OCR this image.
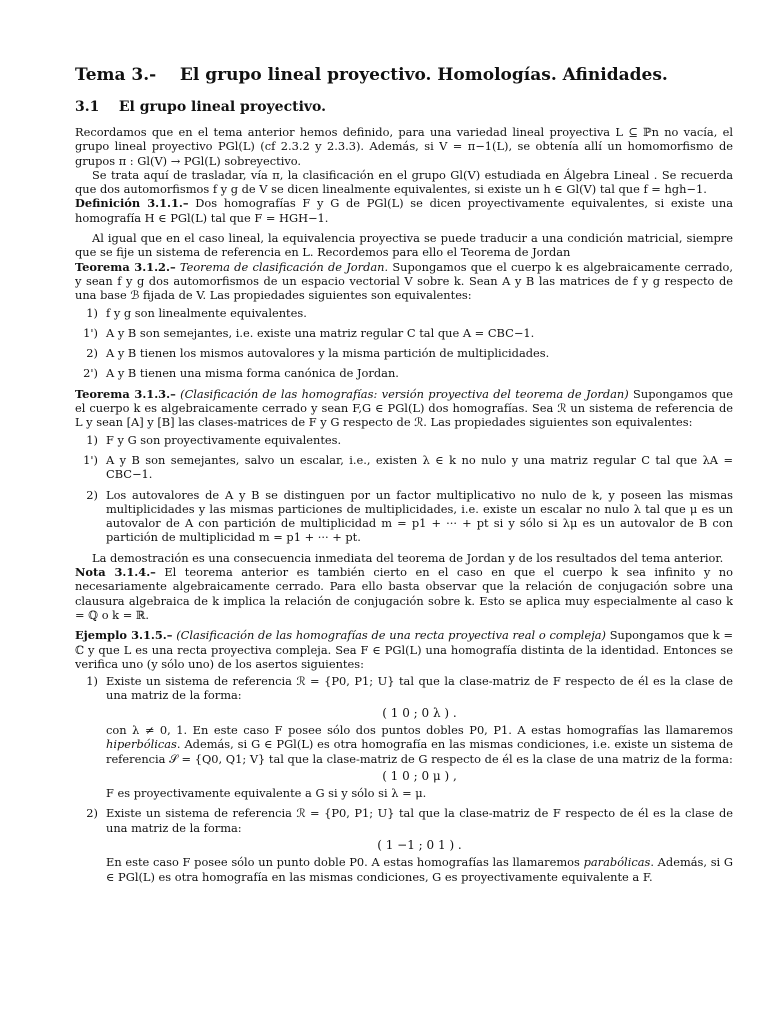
Tema 3.-    El grupo lineal proyectivo. Homologías. Afinidades.
3.1    El grupo lineal proyectivo.

Recordamos que en el tema anterior hemos definido, para una variedad lineal proyectiva L ⊆ ℙn no vacía, el grupo lineal proyectivo PGl(L) (cf 2.3.2 y 2.3.3). Además, si V = π−1(L), se obtenía allí un homomorfismo de grupos π : Gl(V) → PGl(L) sobreyectivo.

Se trata aquí de trasladar, vía π, la clasificación en el grupo Gl(V) estudiada en Álgebra Lineal . Se recuerda que dos automorfismos f y g de V se dicen linealmente equivalentes, si existe un h ∈ Gl(V) tal que f = hgh−1.

Definición 3.1.1.– Dos homografías F y G de PGl(L) se dicen proyectivamente equivalentes, si existe una homografía H ∈ PGl(L) tal que F = HGH−1.

Al igual que en el caso lineal, la equivalencia proyectiva se puede traducir a una condición matricial, siempre que se fije un sistema de referencia en L. Recordemos para ello el Teorema de Jordan

Teorema 3.1.2.– Teorema de clasificación de Jordan. Supongamos que el cuerpo k es algebraicamente cerrado, y sean f y g dos automorfismos de un espacio vectorial V sobre k. Sean A y B las matrices de f y g respecto de una base ℬ fijada de V. Las propiedades siguientes son equivalentes:

1) f y g son linealmente equivalentes.
1') A y B son semejantes, i.e. existe una matriz regular C tal que A = CBC−1.
2) A y B tienen los mismos autovalores y la misma partición de multiplicidades.
2') A y B tienen una misma forma canónica de Jordan.

Teorema 3.1.3.– (Clasificación de las homografías: versión proyectiva del teorema de Jordan) Supongamos que el cuerpo k es algebraicamente cerrado y sean F,G ∈ PGl(L) dos homografías. Sea ℛ un sistema de referencia de L y sean [A] y [B] las clases-matrices de F y G respecto de ℛ. Las propiedades siguientes son equivalentes:

1) F y G son proyectivamente equivalentes.
1') A y B son semejantes, salvo un escalar, i.e., existen λ ∈ k no nulo y una matriz regular C tal que λA = CBC−1.
2) Los autovalores de A y B se distinguen por un factor multiplicativo no nulo de k, y poseen las mismas multiplicidades y las mismas particiones de multiplicidades, i.e. existe un escalar no nulo λ tal que μ es un autovalor de A con partición de multiplicidad m = p1 + ··· + pt si y sólo si λμ es un autovalor de B con partición de multiplicidad m = p1 + ··· + pt.

La demostración es una consecuencia inmediata del teorema de Jordan y de los resultados del tema anterior.

Nota 3.1.4.– El teorema anterior es también cierto en el caso en que el cuerpo k sea infinito y no necesariamente algebraicamente cerrado. Para ello basta observar que la relación de conjugación sobre una clausura algebraica de k implica la relación de conjugación sobre k. Esto se aplica muy especialmente al caso k = ℚ o k = ℝ.

Ejemplo 3.1.5.– (Clasificación de las homografías de una recta proyectiva real o compleja) Supongamos que k = ℂ y que L es una recta proyectiva compleja. Sea F ∈ PGl(L) una homografía distinta de la identidad. Entonces se verifica uno (y sólo uno) de los asertos siguientes:

1) Existe un sistema de referencia ℛ = {P0, P1; U} tal que la clase-matriz de F respecto de él es la clase de una matriz de la forma:
( 1 0 ; 0 λ ) .
con λ ≠ 0, 1. En este caso F posee sólo dos puntos dobles P0, P1. A estas homografías las llamaremos hiperbólicas. Además, si G ∈ PGl(L) es otra homografía en las mismas condiciones, i.e. existe un sistema de referencia 𝒮 = {Q0, Q1; V} tal que la clase-matriz de G respecto de él es la clase de una matriz de la forma:
( 1 0 ; 0 μ ) ,
F es proyectivamente equivalente a G si y sólo si λ = μ.
2) Existe un sistema de referencia ℛ = {P0, P1; U} tal que la clase-matriz de F respecto de él es la clase de una matriz de la forma:
( 1 −1 ; 0 1 ) .
En este caso F posee sólo un punto doble P0. A estas homografías las llamaremos parabólicas. Además, si G ∈ PGl(L) es otra homografía en las mismas condiciones, G es proyectivamente equivalente a F.
